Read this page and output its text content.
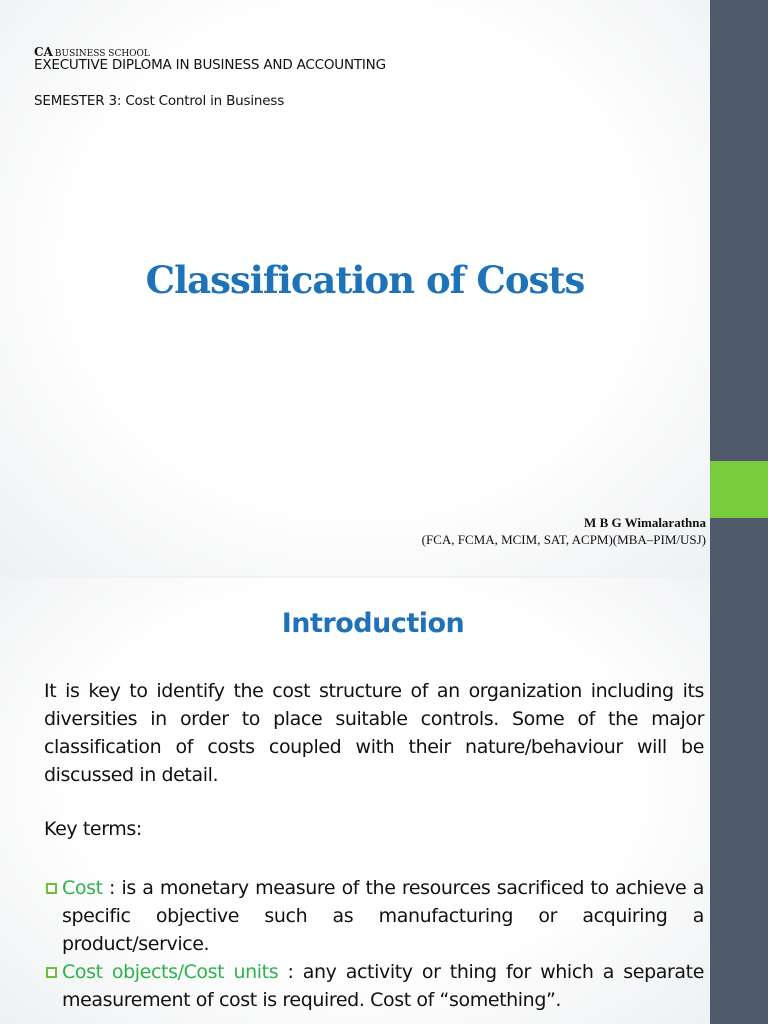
CA BUSINESS SCHOOL
EXECUTIVE DIPLOMA IN BUSINESS AND ACCOUNTING
SEMESTER 3: Cost Control in Business
Classification of Costs
M B G Wimalarathna
(FCA, FCMA, MCIM, SAT, ACPM)(MBA–PIM/USJ)
Introduction
It is key to identify the cost structure of an organization including its diversities in order to place suitable controls. Some of the major classification of costs coupled with their nature/behaviour will be discussed in detail.
Key terms:
Cost : is a monetary measure of the resources sacrificed to achieve a specific objective such as manufacturing or acquiring a product/service.
Cost objects/Cost units : any activity or thing for which a separate measurement of cost is required. Cost of “something”.
